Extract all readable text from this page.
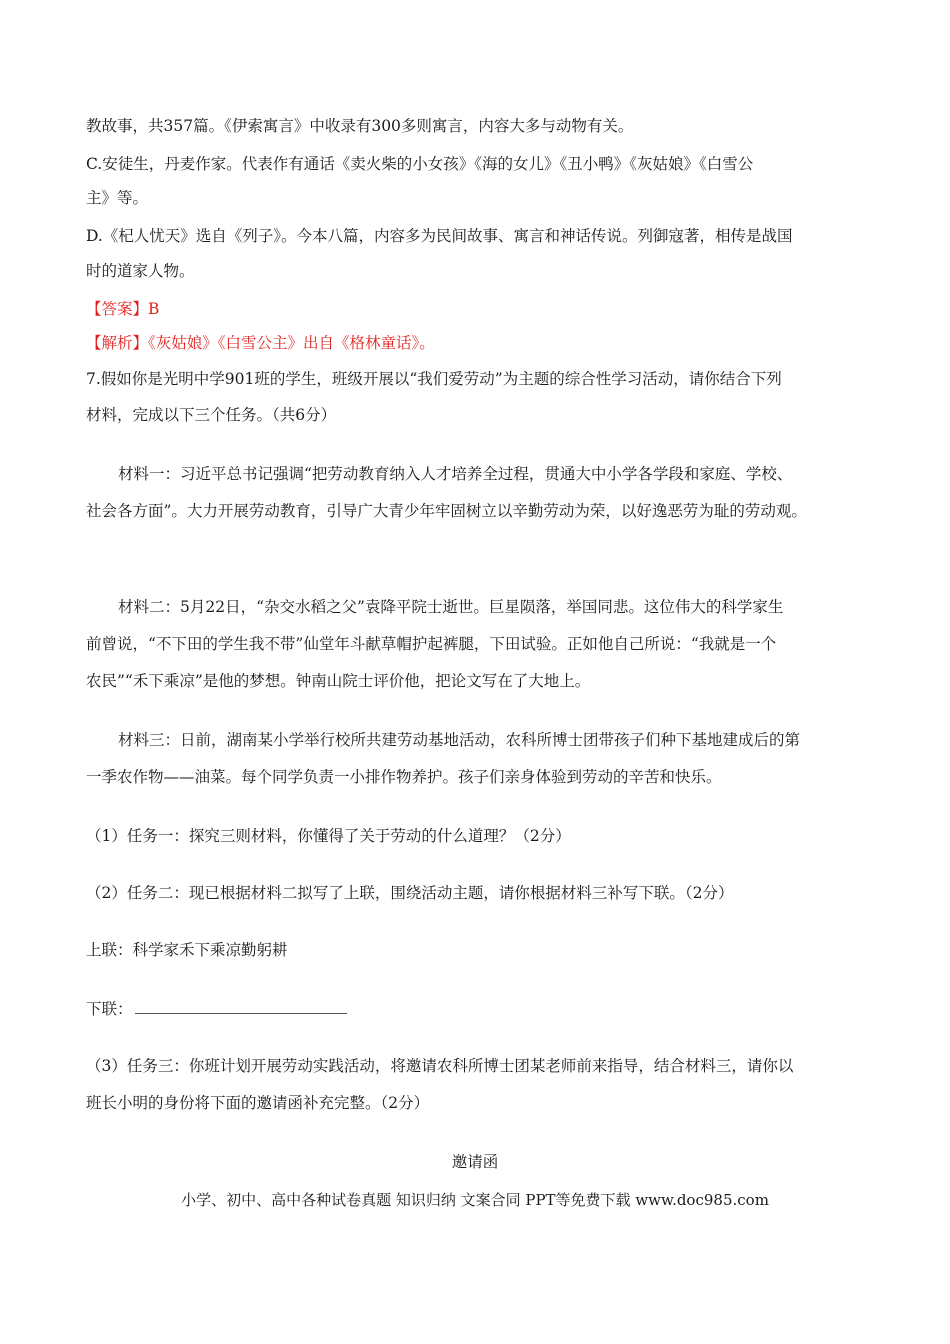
教故事，共357篇。《伊索寓言》中收录有300多则寓言，内容大多与动物有关。
C.安徒生，丹麦作家。代表作有通话《卖火柴的小女孩》《海的女儿》《丑小鸭》《灰姑娘》《白雪公
主》等。
D.《杞人忧天》选自《列子》。今本八篇，内容多为民间故事、寓言和神话传说。列御寇著，相传是战国
时的道家人物。
【答案】B
【解析】《灰姑娘》《白雪公主》出自《格林童话》。
7.假如你是光明中学901班的学生，班级开展以“我们爱劳动”为主题的综合性学习活动，请你结合下列
材料，完成以下三个任务。（共6分）
材料一：习近平总书记强调“把劳动教育纳入人才培养全过程，贯通大中小学各学段和家庭、学校、
社会各方面”。大力开展劳动教育，引导广大青少年牢固树立以辛勤劳动为荣，以好逸恶劳为耻的劳动观。
材料二：5月22日，“杂交水稻之父”袁降平院士逝世。巨星陨落，举国同悲。这位伟大的科学家生
前曾说，“不下田的学生我不带”仙堂年斗献草帽护起裤腿，下田试验。正如他自己所说：“我就是一个
农民”“禾下乘凉”是他的梦想。钟南山院士评价他，把论文写在了大地上。
材料三：日前，湖南某小学举行校所共建劳动基地活动，农科所博士团带孩子们种下基地建成后的第
一季农作物——油菜。每个同学负责一小排作物养护。孩子们亲身体验到劳动的辛苦和快乐。
（1）任务一：探究三则材料，你懂得了关于劳动的什么道理？（2分）
（2）任务二：现已根据材料二拟写了上联，围绕活动主题，请你根据材料三补写下联。（2分）
上联：科学家禾下乘凉勤躬耕
下联：
（3）任务三：你班计划开展劳动实践活动，将邀请农科所博士团某老师前来指导，结合材料三，请你以
班长小明的身份将下面的邀请函补充完整。（2分）
邀请函
小学、初中、高中各种试卷真题 知识归纳 文案合同 PPT等免费下载 www.doc985.com
